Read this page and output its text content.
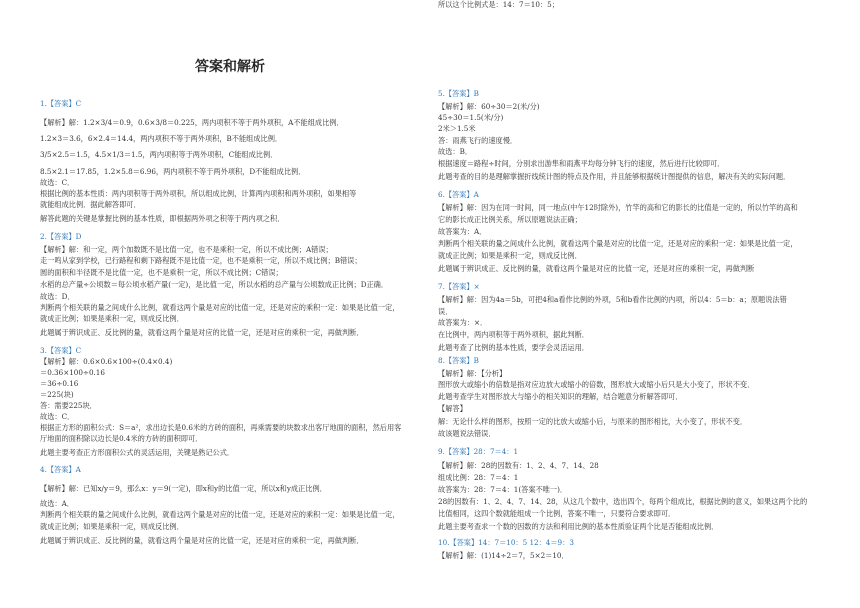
答案和解析
1.【答案】C
【解析】解：1.2×3/4＝0.9，0.6×3/8＝0.225，两内项积不等于两外项积，A不能组成比例．
1.2×3＝3.6，6×2.4＝14.4，两内项积不等于两外项积，B不能组成比例．
3/5×2.5＝1.5，4.5×1/3＝1.5，两内项积等于两外项积，C能组成比例．
8.5×2.1＝17.85，1.2×5.8＝6.96，两内项积不等于两外项积，D不能组成比例．
故选：C．
根据比例的基本性质：两内项积等于两外项积，所以组成比例，计算两内项积和两外项积，如果相等
就能组成比例．据此解答即可．
解答此题的关键是掌握比例的基本性质，即根据两外项之积等于两内项之积．
2.【答案】D
【解析】解：和一定，两个加数既不是比值一定，也不是乘积一定，所以不成比例；A错误；
走一鸣从家到学校，已行路程和剩下路程既不是比值一定，也不是乘积一定，所以不成比例；B错误；
圆的面积和半径既不是比值一定，也不是乘积一定，所以不成比例；C错误；
水稻的总产量÷公顷数＝每公顷水稻产量(一定)，是比值一定，所以水稻的总产量与公顷数成正比例；D正确．
故选：D．
判断两个相关联的量之间成什么比例，就看这两个量是对应的比值一定，还是对应的乘积一定：如果是比值一定，
就成正比例；如果是乘积一定，则成反比例．
此题属于辨识成正、反比例的量，就看这两个量是对应的比值一定，还是对应的乘积一定，再做判断．
3.【答案】C
【解析】解：0.6×0.6×100÷(0.4×0.4)
＝0.36×100÷0.16
＝36÷0.16
＝225(块)
答：需要225块．
故选：C．
根据正方形的面积公式：S＝a²，求出边长是0.6米的方砖的面积，再乘需要的块数求出客厅地面的面积，然后用客
厅地面的面积除以边长是0.4米的方砖的面积即可．
此题主要考查正方形面积公式的灵活运用，关键是熟记公式．
4.【答案】A
【解析】解：已知x/y＝9，那么x：y＝9(一定)，即x和y的比值一定，所以x和y成正比例．
故选：A．
判断两个相关联的量之间成什么比例，就看这两个量是对应的比值一定，还是对应的乘积一定：如果是比值一定，
就成正比例；如果是乘积一定，则成反比例．
此题属于辨识成正、反比例的量，就看这两个量是对应的比值一定，还是对应的乘积一定，再做判断．
5.【答案】B
【解析】解：60÷30＝2(米/分)
45÷30＝1.5(米/分)
2米＞1.5米
答：雨燕飞行的速度慢．
故选：B．
根据速度＝路程÷时间，分别求出游隼和雨燕平均每分钟飞行的速度，然后进行比较即可．
此题考查的目的是理解掌握折线统计图的特点及作用，并且能够根据统计图提供的信息，解决有关的实际问题．
6.【答案】A
【解析】解：因为在同一时间，同一地点(中午12时除外)，竹竿的高和它的影长的比值是一定的，所以竹竿的高和
它的影长成正比例关系，所以原题说法正确；
故答案为：A．
判断两个相关联的量之间成什么比例，就看这两个量是对应的比值一定，还是对应的乘积一定：如果是比值一定，
就成正比例；如果是乘积一定，则成反比例．
此题属于辨识成正、反比例的量，就看这两个量是对应的比值一定，还是对应的乘积一定，再做判断
7.【答案】×
【解析】解：因为4a＝5b，可把4和a看作比例的外项，5和b看作比例的内项，所以4：5＝b：a；原题说法错
误．
故答案为：×．
在比例中，两内项积等于两外项积，据此判断．
此题考查了比例的基本性质，要学会灵活运用．
8.【答案】B
【解析】解：【分析】
图形放大或缩小的倍数是指对应边放大或缩小的倍数，图形放大或缩小后只是大小变了，形状不变．
此题考查学生对图形放大与缩小的相关知识的理解，结合题意分析解答即可．
【解答】
解：无论什么样的图形，按照一定的比放大或缩小后，与原来的图形相比，大小变了，形状不变．
故该题说法错误．
9.【答案】28：7＝4：1
【解析】解：28的因数有：1、2、4、7、14、28
组成比例：28：7＝4：1
故答案为：28：7＝4：1(答案不唯一)．
28的因数有：1、2、4、7、14、28，从这几个数中，选出四个，每两个组成比，根据比例的意义，如果这两个比的
比值相同，这四个数就能组成一个比例，答案不唯一，只要符合要求即可．
此题主要考查求一个数的因数的方法和利用比例的基本性质验证两个比是否能组成比例．
10.【答案】14：7＝10：5 12：4＝9：3
【解析】解：(1)14÷2＝7，5×2＝10．
所以这个比例式是：14：7＝10：5；
